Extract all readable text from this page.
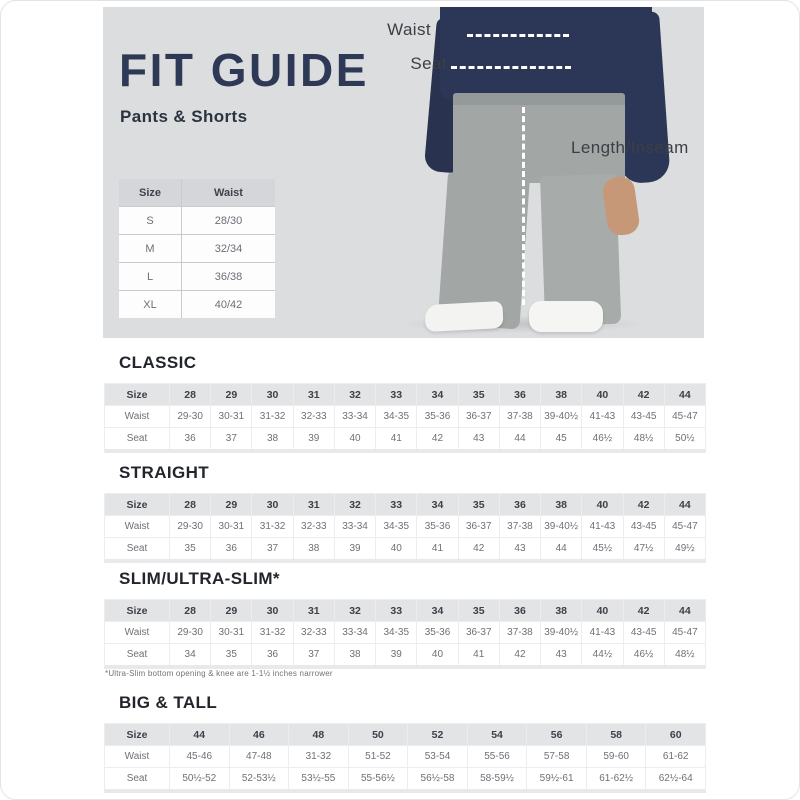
FIT GUIDE
Pants & Shorts
Waist
Seat
Length/Inseam
Size	Waist
S	28/30
M	32/34
L	36/38
XL	40/42
CLASSIC
Size	28	29	30	31	32	33	34	35	36	38	40	42	44
Waist	29-30	30-31	31-32	32-33	33-34	34-35	35-36	36-37	37-38	39-40½	41-43	43-45	45-47
Seat	36	37	38	39	40	41	42	43	44	45	46½	48½	50½
STRAIGHT
Size	28	29	30	31	32	33	34	35	36	38	40	42	44
Waist	29-30	30-31	31-32	32-33	33-34	34-35	35-36	36-37	37-38	39-40½	41-43	43-45	45-47
Seat	35	36	37	38	39	40	41	42	43	44	45½	47½	49½
SLIM/ULTRA-SLIM*
Size	28	29	30	31	32	33	34	35	36	38	40	42	44
Waist	29-30	30-31	31-32	32-33	33-34	34-35	35-36	36-37	37-38	39-40½	41-43	43-45	45-47
Seat	34	35	36	37	38	39	40	41	42	43	44½	46½	48½
*Ultra-Slim bottom opening & knee are 1-1½ inches narrower
BIG & TALL
Size	44	46	48	50	52	54	56	58	60
Waist	45-46	47-48	31-32	51-52	53-54	55-56	57-58	59-60	61-62
Seat	50½-52	52-53½	53½-55	55-56½	56½-58	58-59½	59½-61	61-62½	62½-64
